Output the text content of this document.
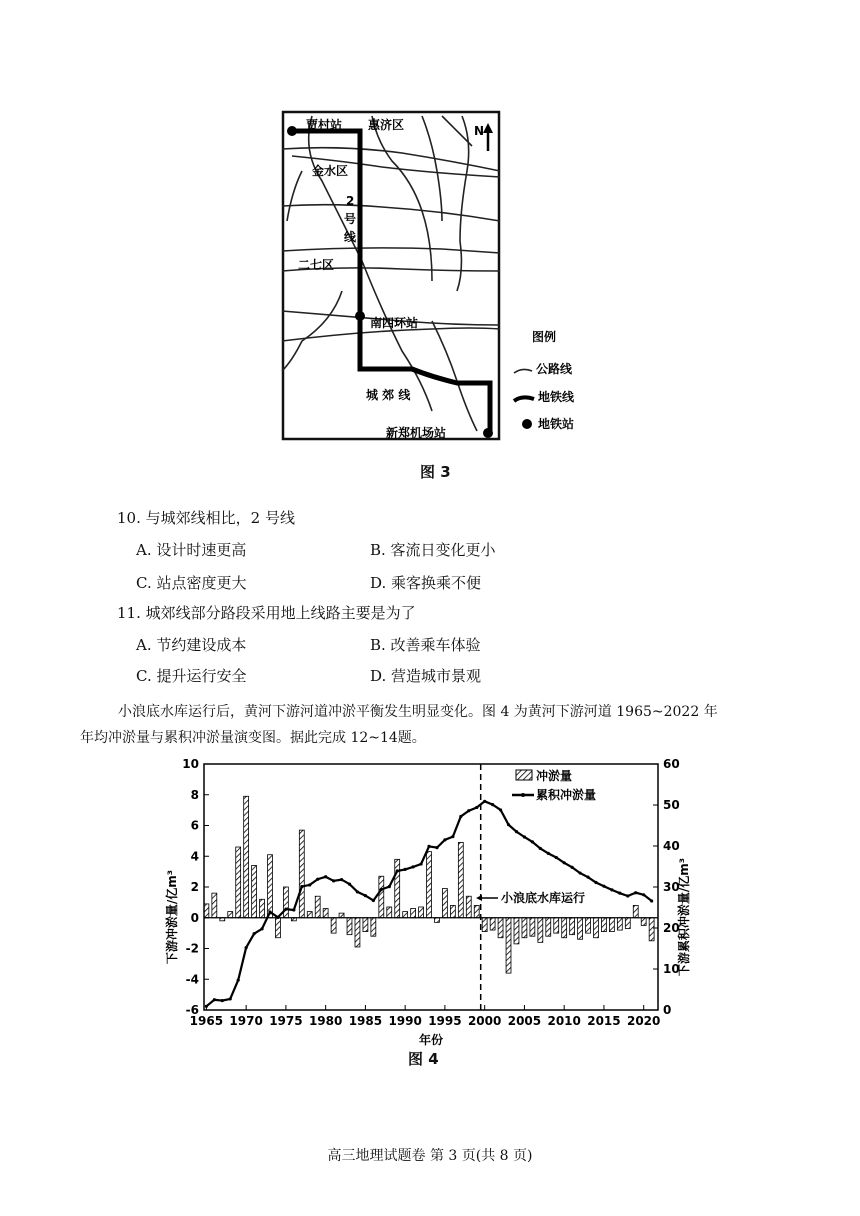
N
贾村站 惠济区
金水区
2
号
线
二七区
南四环站
城 郊 线
新郑机场站
图例
公路线
地铁线
地铁站
图 3
10. 与城郊线相比，2 号线
A. 设计时速更高	B. 客流日变化更小
C. 站点密度更大	D. 乘客换乘不便
11. 城郊线部分路段采用地上线路主要是为了
A. 节约建设成本	B. 改善乘车体验
C. 提升运行安全	D. 营造城市景观
小浪底水库运行后，黄河下游河道冲淤平衡发生明显变化。图 4 为黄河下游河道 1965~2022 年
年均冲淤量与累积冲淤量演变图。据此完成 12~14题。
-6
-4
-2
0
2
4
6
8
10
0
10
20
30
40
50
60
1965 1970 1975 1980 1985 1990 1995 2000 2005 2010 2015 2020
下游冲淤量/亿m³	下游累积冲淤量/亿m³
年份
冲淤量
累积冲淤量
小浪底水库运行
图 4
高三地理试题卷 第 3 页(共 8 页)
